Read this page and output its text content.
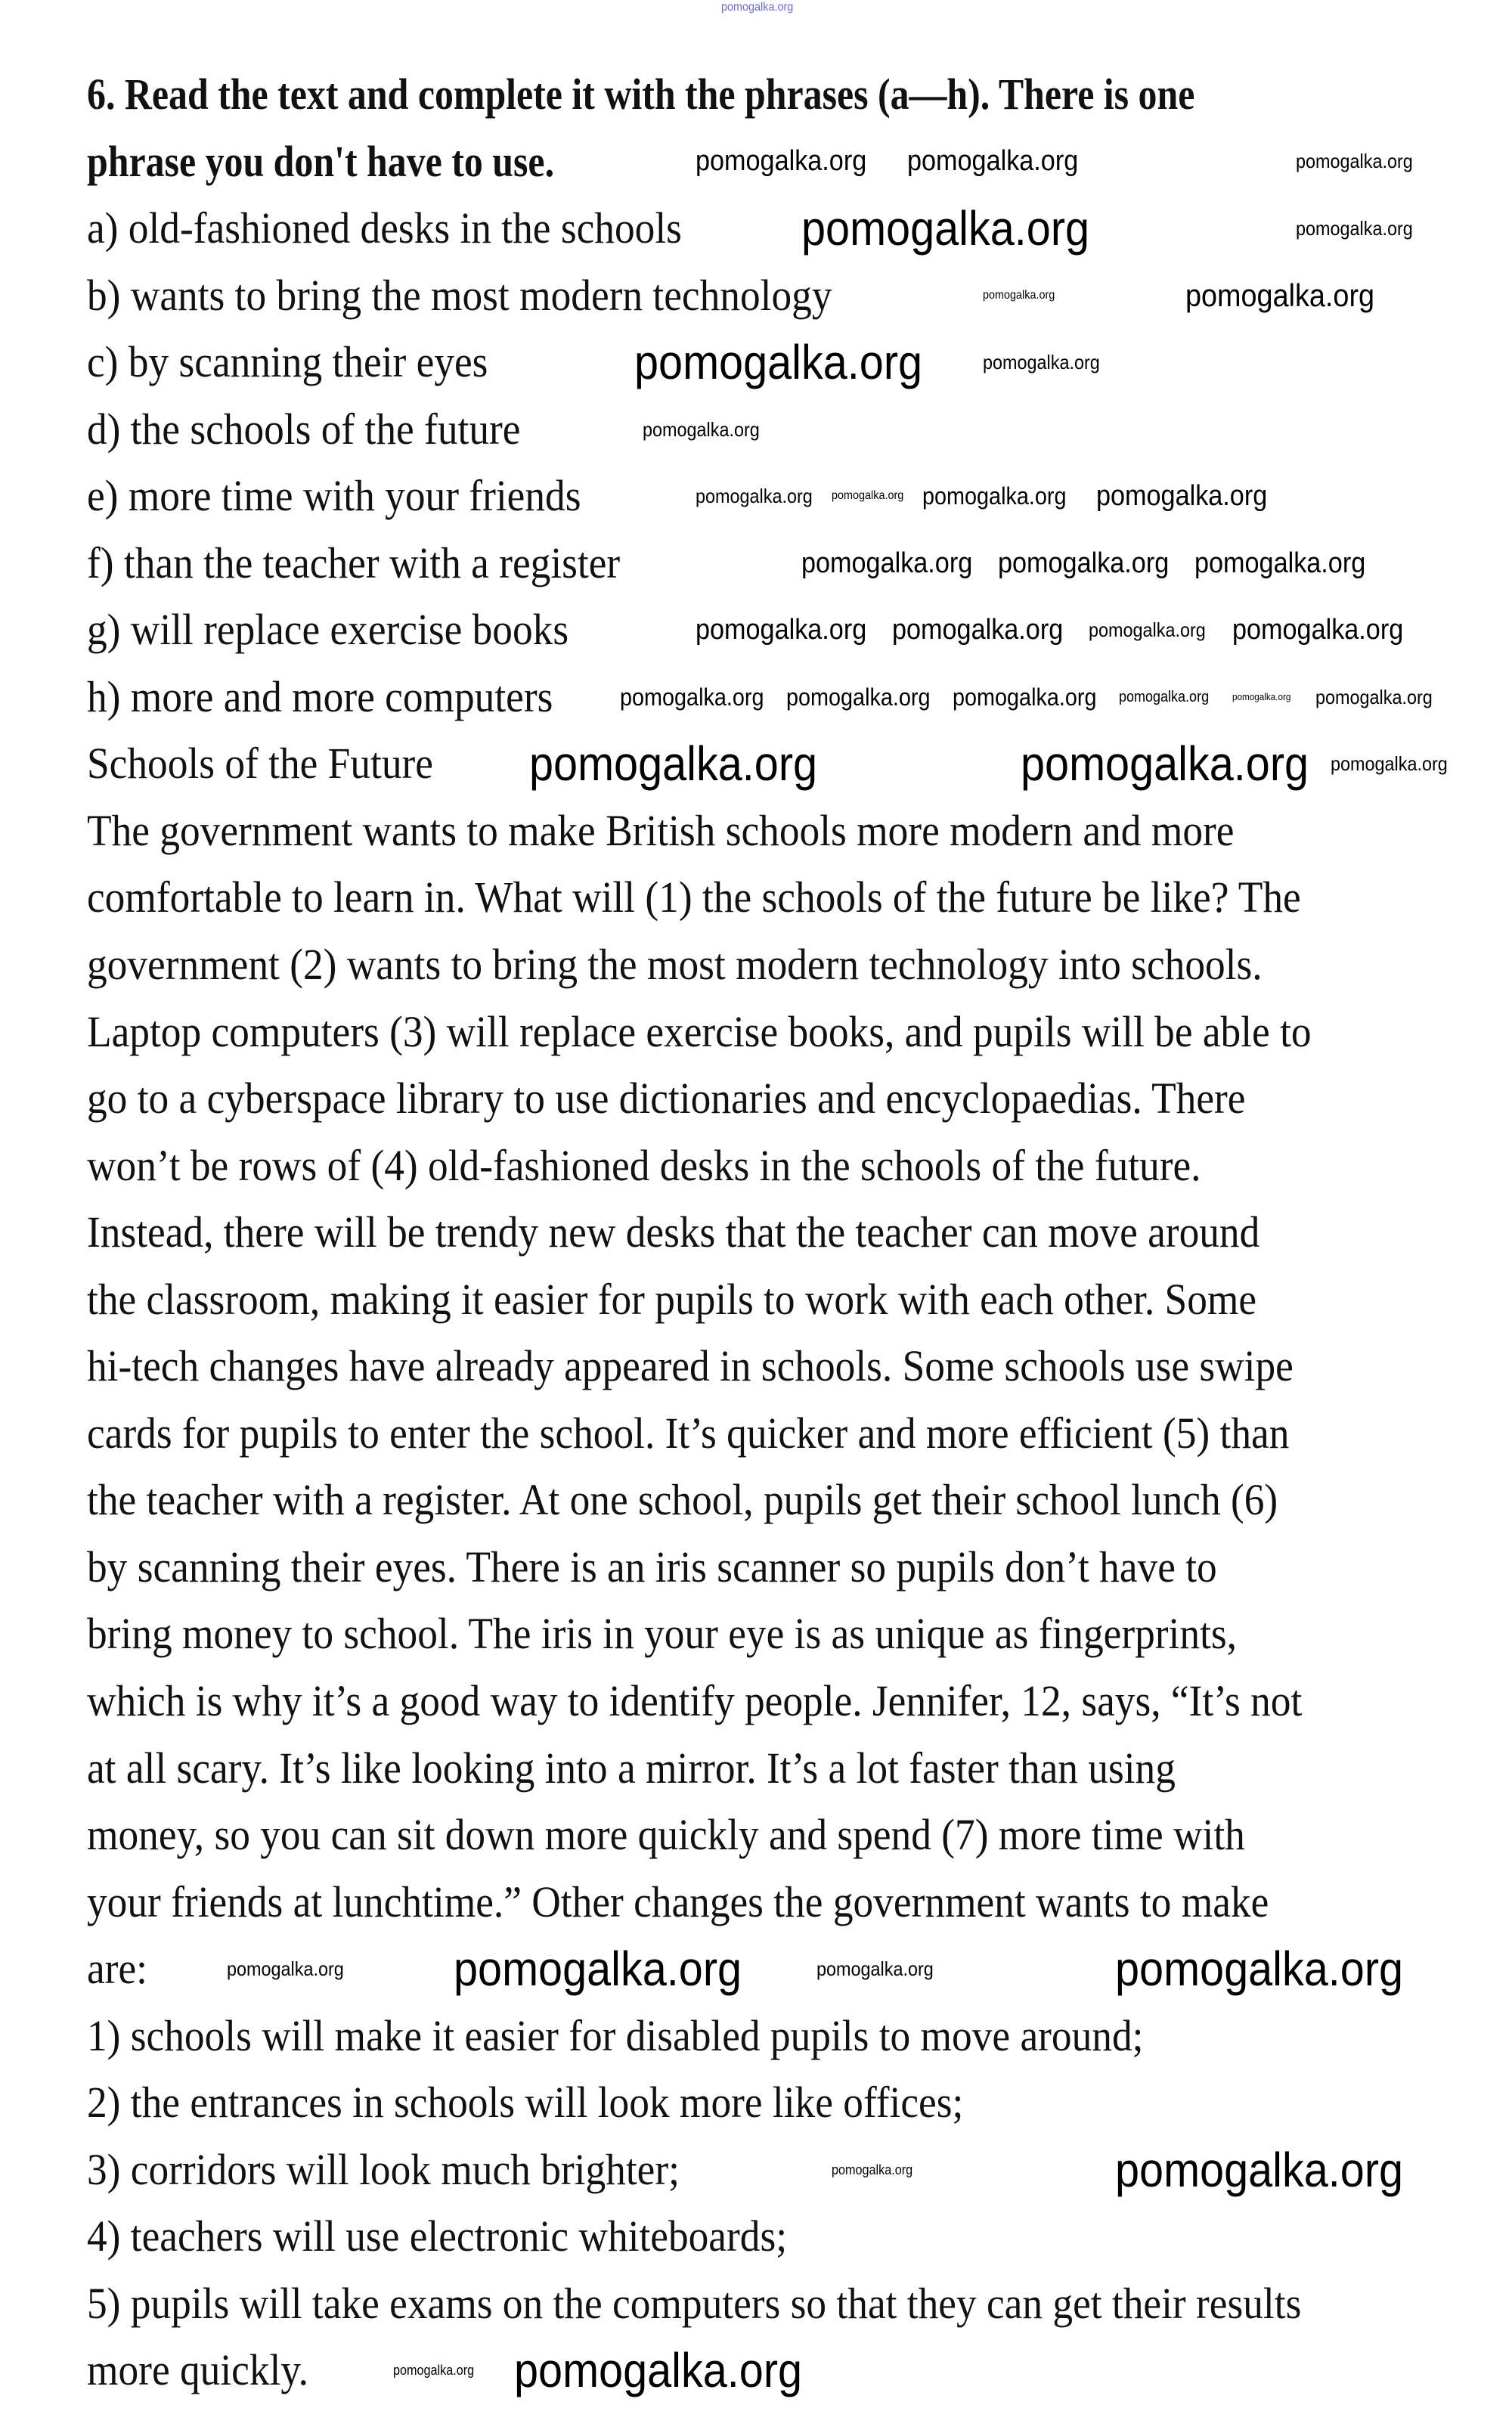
6. Read the text and complete it with the phrases (a—h). There is one
phrase you don't have to use.
a) old-fashioned desks in the schools
b) wants to bring the most modern technology
c) by scanning their eyes
d) the schools of the future
e) more time with your friends
f) than the teacher with a register
g) will replace exercise books
h) more and more computers
Schools of the Future
The government wants to make British schools more modern and more
comfortable to learn in. What will (1) the schools of the future be like? The
government (2) wants to bring the most modern technology into schools.
Laptop computers (3) will replace exercise books, and pupils will be able to
go to a cyberspace library to use dictionaries and encyclopaedias. There
won’t be rows of (4) old-fashioned desks in the schools of the future.
Instead, there will be trendy new desks that the teacher can move around
the classroom, making it easier for pupils to work with each other. Some
hi-tech changes have already appeared in schools. Some schools use swipe
cards for pupils to enter the school. It’s quicker and more efficient (5) than
the teacher with a register. At one school, pupils get their school lunch (6)
by scanning their eyes. There is an iris scanner so pupils don’t have to
bring money to school. The iris in your eye is as unique as fingerprints,
which is why it’s a good way to identify people. Jennifer, 12, says, “It’s not
at all scary. It’s like looking into a mirror. It’s a lot faster than using
money, so you can sit down more quickly and spend (7) more time with
your friends at lunchtime.” Other changes the government wants to make
are:
1) schools will make it easier for disabled pupils to move around;
2) the entrances in schools will look more like offices;
3) corridors will look much brighter;
4) teachers will use electronic whiteboards;
5) pupils will take exams on the computers so that they can get their results
more quickly.
pomogalka.org
pomogalka.org
pomogalka.org
pomogalka.org
pomogalka.org
pomogalka.org
pomogalka.org
pomogalka.org
pomogalka.org
pomogalka.org
pomogalka.org
pomogalka.org	pomogalka.org pomogalka.org
pomogalka.org pomogalka.org pomogalka.org pomogalka.org
pomogalka.org pomogalka.org pomogalka.org
pomogalka.org pomogalka.org pomogalka.org pomogalka.org
pomogalka.org pomogalka.org pomogalka.org pomogalka.org pomogalka.org pomogalka.org
pomogalka.org pomogalka.org	pomogalka.org
pomogalka.org
pomogalka.org	pomogalka.org
pomogalka.org pomogalka.org
